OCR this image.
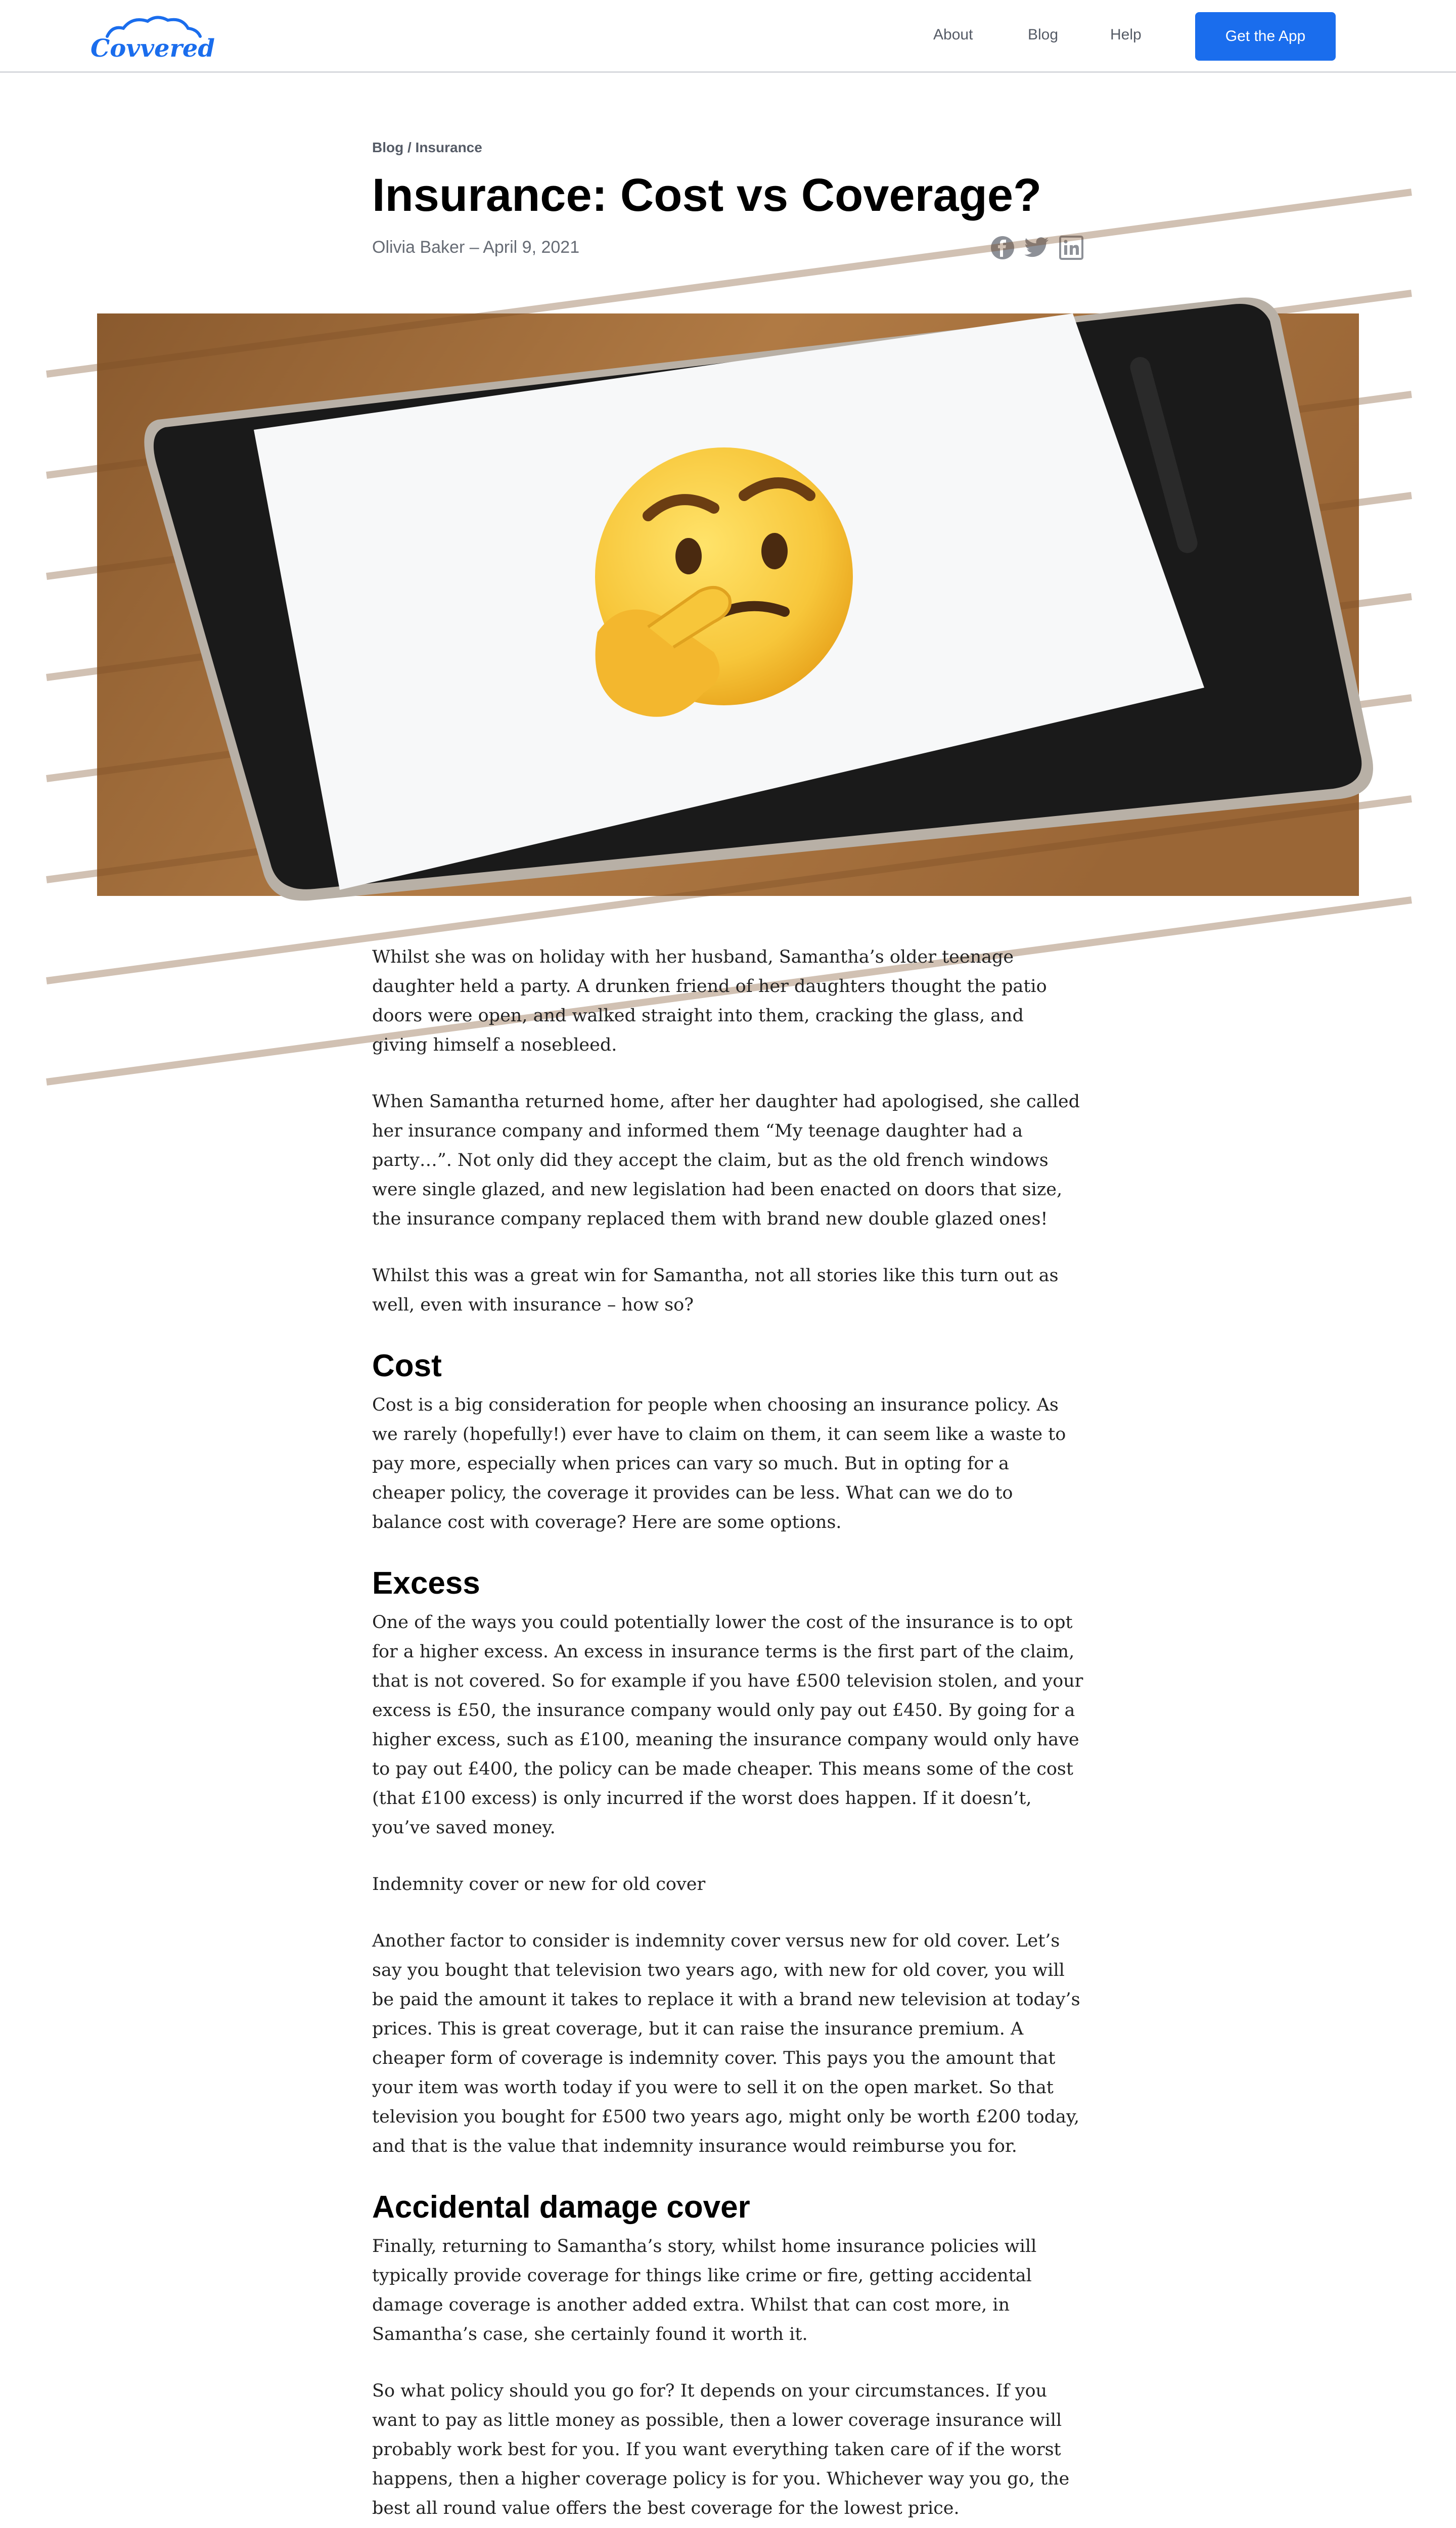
Covvered	About	Blog	Help	Get the App
Blog / Insurance
Insurance: Cost vs Coverage?
Olivia Baker – April 9, 2021

Whilst she was on holiday with her husband, Samantha’s older teenage daughter held a party. A drunken friend of her daughters thought the patio doors were open, and walked straight into them, cracking the glass, and giving himself a nosebleed.

When Samantha returned home, after her daughter had apologised, she called her insurance company and informed them “My teenage daughter had a party…”. Not only did they accept the claim, but as the old french windows were single glazed, and new legislation had been enacted on doors that size, the insurance company replaced them with brand new double glazed ones!

Whilst this was a great win for Samantha, not all stories like this turn out as well, even with insurance – how so?

Cost

Cost is a big consideration for people when choosing an insurance policy. As we rarely (hopefully!) ever have to claim on them, it can seem like a waste to pay more, especially when prices can vary so much. But in opting for a cheaper policy, the coverage it provides can be less. What can we do to balance cost with coverage? Here are some options.

Excess

One of the ways you could potentially lower the cost of the insurance is to opt for a higher excess. An excess in insurance terms is the first part of the claim, that is not covered. So for example if you have £500 television stolen, and your excess is £50, the insurance company would only pay out £450. By going for a higher excess, such as £100, meaning the insurance company would only have to pay out £400, the policy can be made cheaper. This means some of the cost (that £100 excess) is only incurred if the worst does happen. If it doesn’t, you’ve saved money.

Indemnity cover or new for old cover

Another factor to consider is indemnity cover versus new for old cover. Let’s say you bought that television two years ago, with new for old cover, you will be paid the amount it takes to replace it with a brand new television at today’s prices. This is great coverage, but it can raise the insurance premium. A cheaper form of coverage is indemnity cover. This pays you the amount that your item was worth today if you were to sell it on the open market. So that television you bought for £500 two years ago, might only be worth £200 today, and that is the value that indemnity insurance would reimburse you for.

Accidental damage cover

Finally, returning to Samantha’s story, whilst home insurance policies will typically provide coverage for things like crime or fire, getting accidental damage coverage is another added extra. Whilst that can cost more, in Samantha’s case, she certainly found it worth it.

So what policy should you go for? It depends on your circumstances. If you want to pay as little money as possible, then a lower coverage insurance will probably work best for you. If you want everything taken care of if the worst happens, then a higher coverage policy is for you. Whichever way you go, the best all round value offers the best coverage for the lowest price.
